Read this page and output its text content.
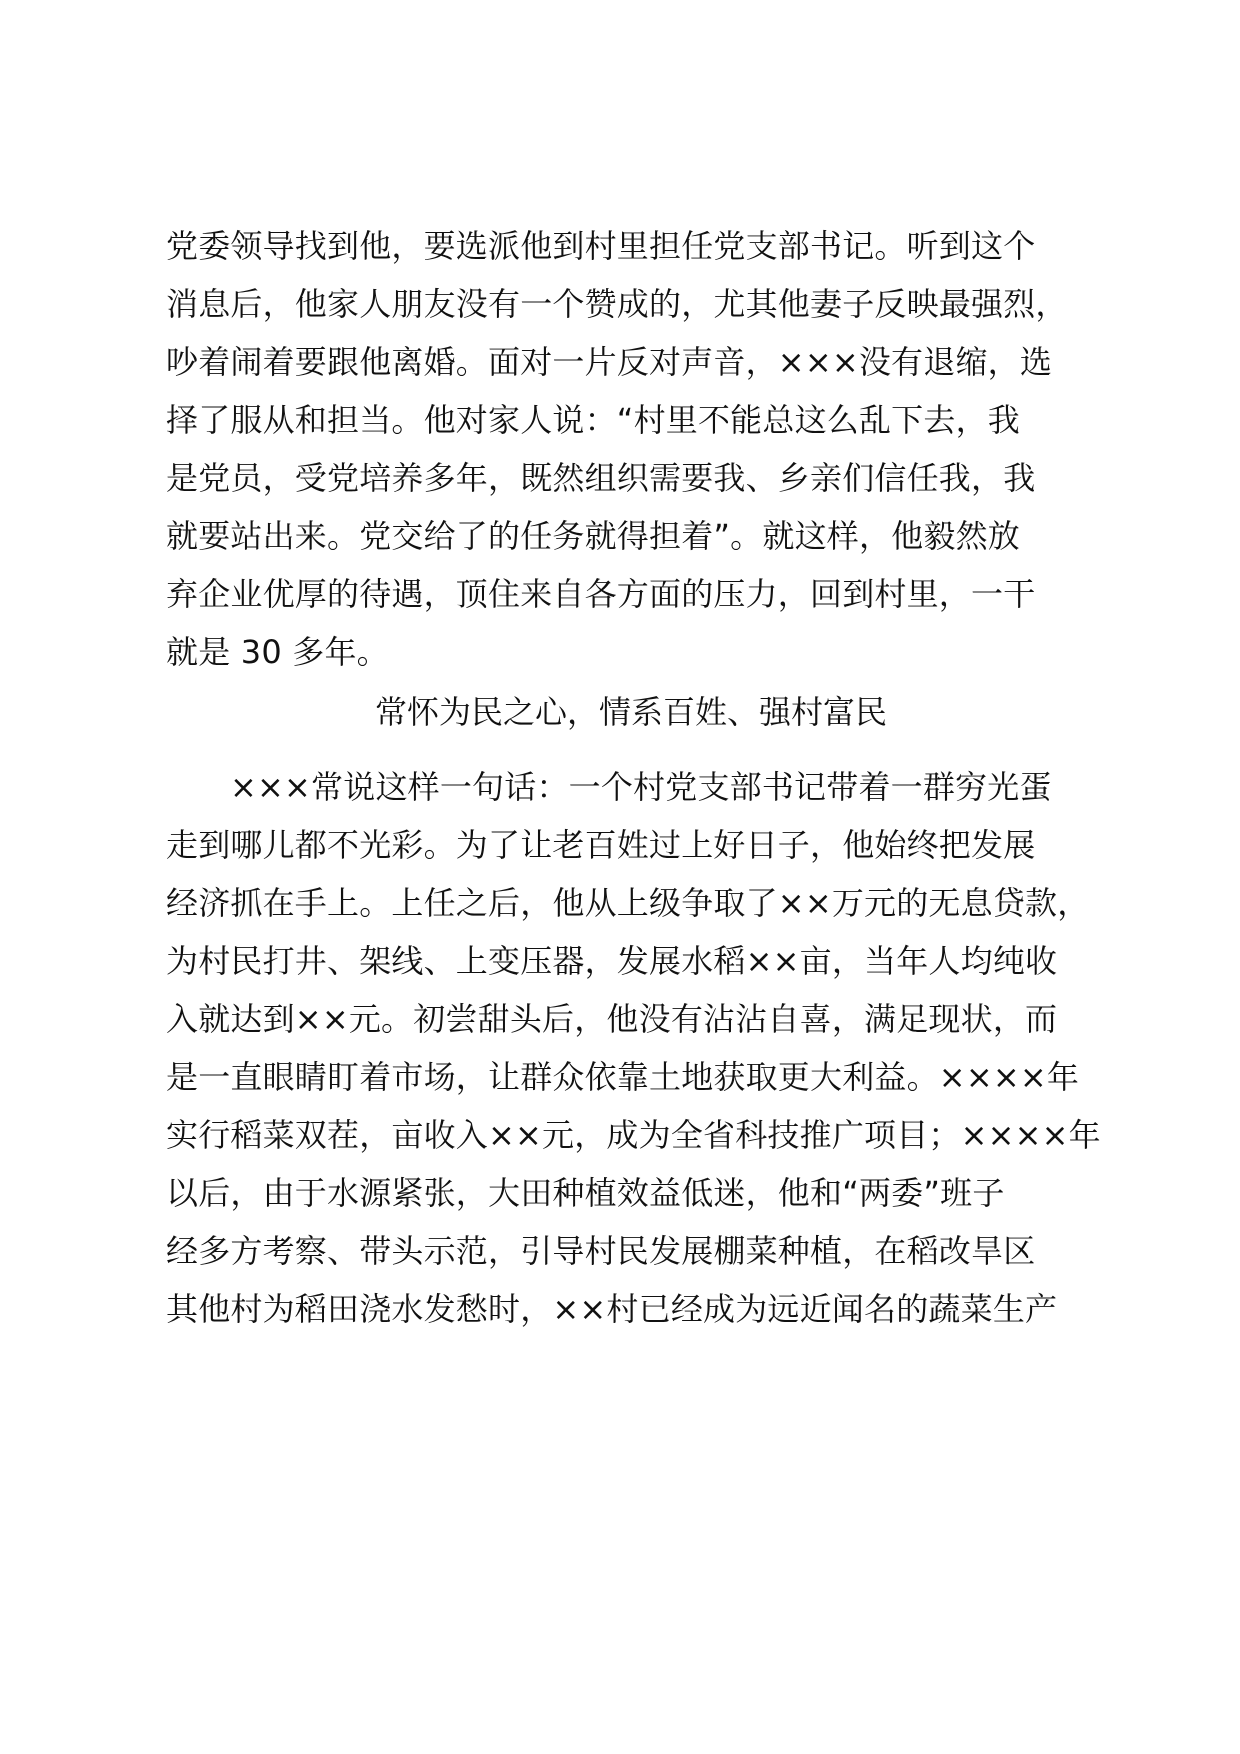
党委领导找到他，要选派他到村里担任党支部书记。听到这个
消息后，他家人朋友没有一个赞成的，尤其他妻子反映最强烈，
吵着闹着要跟他离婚。面对一片反对声音，×××没有退缩，选
择了服从和担当。他对家人说：“村里不能总这么乱下去，我
是党员，受党培养多年，既然组织需要我、乡亲们信任我，我
就要站出来。党交给了的任务就得担着”。就这样，他毅然放
弃企业优厚的待遇，顶住来自各方面的压力，回到村里，一干
就是 30 多年。
常怀为民之心，情系百姓、强村富民
×××常说这样一句话：一个村党支部书记带着一群穷光蛋
走到哪儿都不光彩。为了让老百姓过上好日子，他始终把发展
经济抓在手上。上任之后，他从上级争取了××万元的无息贷款，
为村民打井、架线、上变压器，发展水稻××亩，当年人均纯收
入就达到××元。初尝甜头后，他没有沾沾自喜，满足现状，而
是一直眼睛盯着市场，让群众依靠土地获取更大利益。××××年
实行稻菜双茬，亩收入××元，成为全省科技推广项目；××××年
以后，由于水源紧张，大田种植效益低迷，他和“两委”班子
经多方考察、带头示范，引导村民发展棚菜种植，在稻改旱区
其他村为稻田浇水发愁时，××村已经成为远近闻名的蔬菜生产
